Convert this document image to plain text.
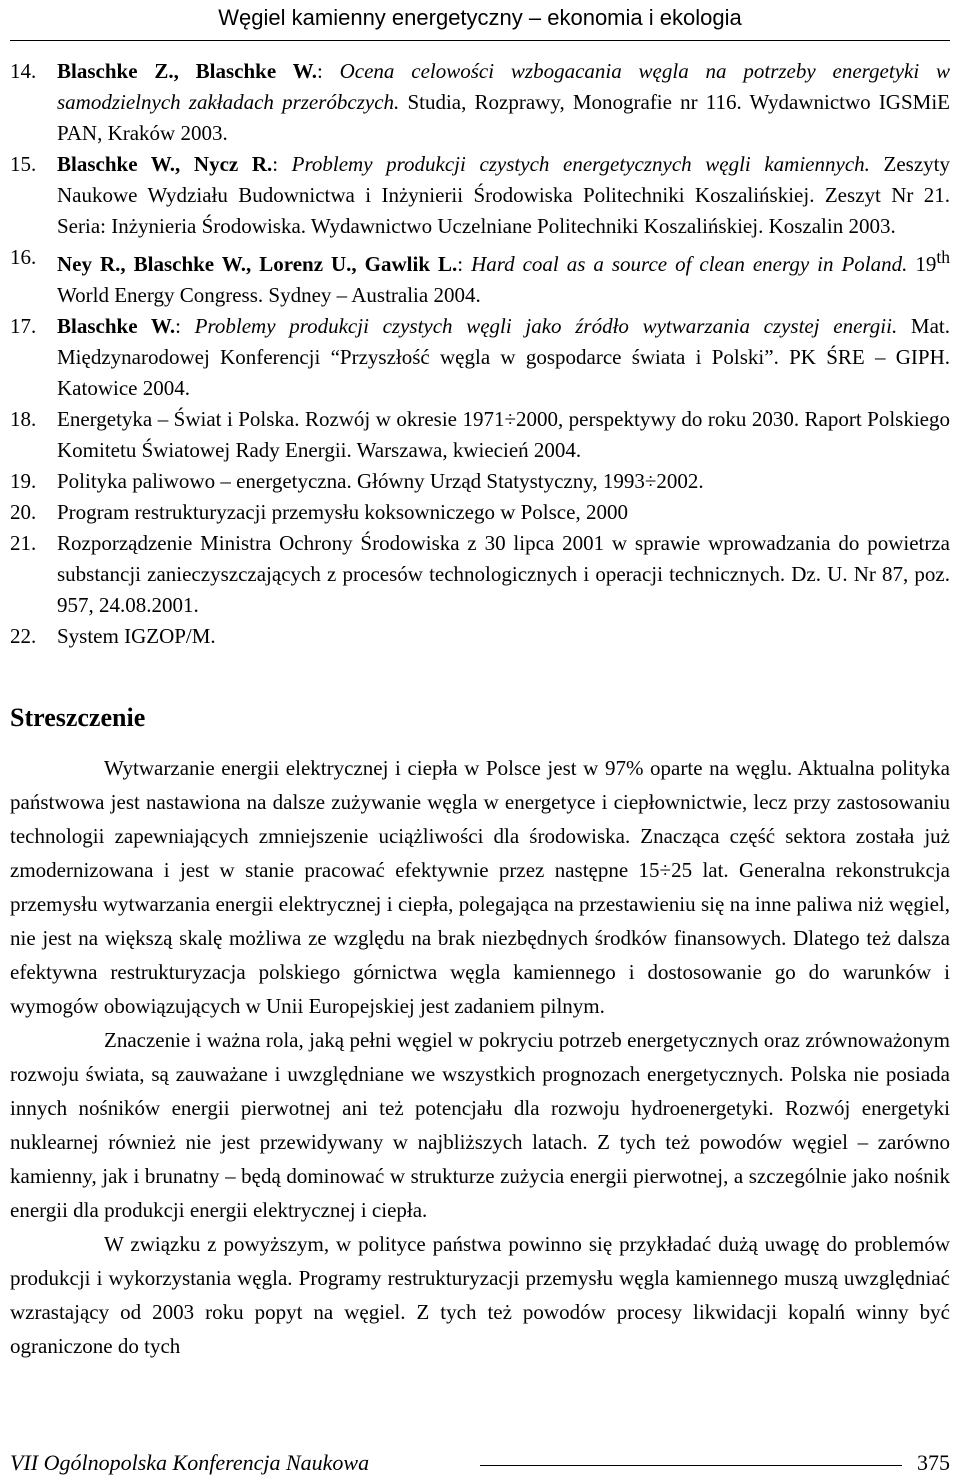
Węgiel kamienny energetyczny – ekonomia i ekologia
14. Blaschke Z., Blaschke W.: Ocena celowości wzbogacania węgla na potrzeby energetyki w samodzielnych zakładach przeróbczych. Studia, Rozprawy, Monografie nr 116. Wydawnictwo IGSMiE PAN, Kraków 2003.
15. Blaschke W., Nycz R.: Problemy produkcji czystych energetycznych węgli kamiennych. Zeszyty Naukowe Wydziału Budownictwa i Inżynierii Środowiska Politechniki Koszalińskiej. Zeszyt Nr 21. Seria: Inżynieria Środowiska. Wydawnictwo Uczelniane Politechniki Koszalińskiej. Koszalin 2003.
16. Ney R., Blaschke W., Lorenz U., Gawlik L.: Hard coal as a source of clean energy in Poland. 19th World Energy Congress. Sydney – Australia 2004.
17. Blaschke W.: Problemy produkcji czystych węgli jako źródło wytwarzania czystej energii. Mat. Międzynarodowej Konferencji “Przyszłość węgla w gospodarce świata i Polski”. PK ŚRE – GIPH. Katowice 2004.
18. Energetyka – Świat i Polska. Rozwój w okresie 1971÷2000, perspektywy do roku 2030. Raport Polskiego Komitetu Światowej Rady Energii. Warszawa, kwiecień 2004.
19. Polityka paliwowo – energetyczna. Główny Urząd Statystyczny, 1993÷2002.
20. Program restrukturyzacji przemysłu koksowniczego w Polsce, 2000
21. Rozporządzenie Ministra Ochrony Środowiska z 30 lipca 2001 w sprawie wprowadzania do powietrza substancji zanieczyszczających z procesów technologicznych i operacji technicznych. Dz. U. Nr 87, poz. 957, 24.08.2001.
22. System IGZOP/M.
Streszczenie

Wytwarzanie energii elektrycznej i ciepła w Polsce jest w 97% oparte na węglu. Aktualna polityka państwowa jest nastawiona na dalsze zużywanie węgla w energetyce i ciepłownictwie, lecz przy zastosowaniu technologii zapewniających zmniejszenie uciążliwości dla środowiska. Znacząca część sektora została już zmodernizowana i jest w stanie pracować efektywnie przez następne 15÷25 lat. Generalna rekonstrukcja przemysłu wytwarzania energii elektrycznej i ciepła, polegająca na przestawieniu się na inne paliwa niż węgiel, nie jest na większą skalę możliwa ze względu na brak niezbędnych środków finansowych. Dlatego też dalsza efektywna restrukturyzacja polskiego górnictwa węgla kamiennego i dostosowanie go do warunków i wymogów obowiązujących w Unii Europejskiej jest zadaniem pilnym.

Znaczenie i ważna rola, jaką pełni węgiel w pokryciu potrzeb energetycznych oraz zrównoważonym rozwoju świata, są zauważane i uwzględniane we wszystkich prognozach energetycznych. Polska nie posiada innych nośników energii pierwotnej ani też potencjału dla rozwoju hydroenergetyki. Rozwój energetyki nuklearnej również nie jest przewidywany w najbliższych latach. Z tych też powodów węgiel – zarówno kamienny, jak i brunatny – będą dominować w strukturze zużycia energii pierwotnej, a szczególnie jako nośnik energii dla produkcji energii elektrycznej i ciepła.

W związku z powyższym, w polityce państwa powinno się przykładać dużą uwagę do problemów produkcji i wykorzystania węgla. Programy restrukturyzacji przemysłu węgla kamiennego muszą uwzględniać wzrastający od 2003 roku popyt na węgiel. Z tych też powodów procesy likwidacji kopalń winny być ograniczone do tych

VII Ogólnopolska Konferencja Naukowa	375
